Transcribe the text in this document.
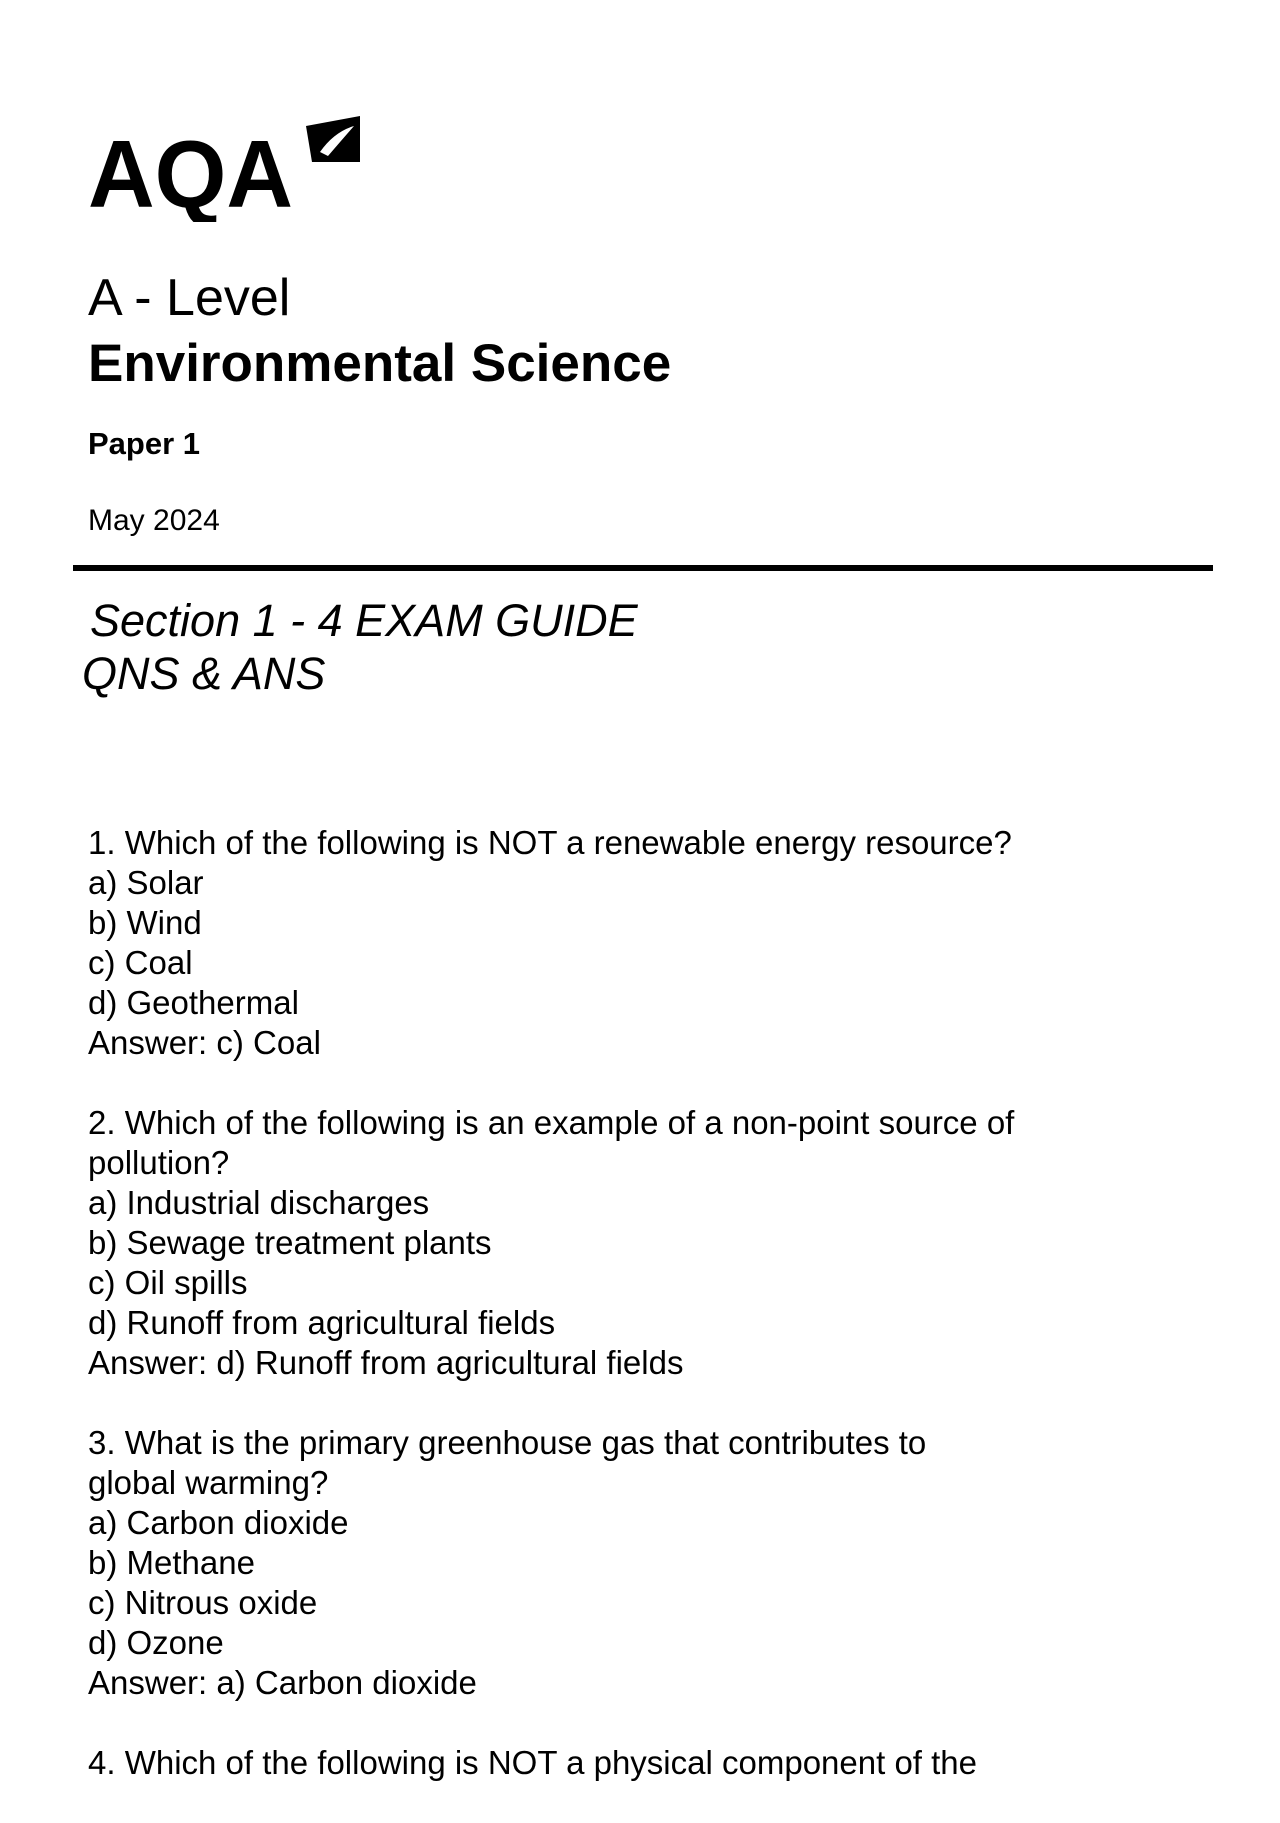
AQA
A - Level
Environmental Science
Paper 1
May 2024
Section 1 - 4 EXAM GUIDE
QNS & ANS
1. Which of the following is NOT a renewable energy resource?
a) Solar
b) Wind
c) Coal
d) Geothermal
Answer: c) Coal
2. Which of the following is an example of a non-point source of
pollution?
a) Industrial discharges
b) Sewage treatment plants
c) Oil spills
d) Runoff from agricultural fields
Answer: d) Runoff from agricultural fields
3. What is the primary greenhouse gas that contributes to
global warming?
a) Carbon dioxide
b) Methane
c) Nitrous oxide
d) Ozone
Answer: a) Carbon dioxide
4. Which of the following is NOT a physical component of the
